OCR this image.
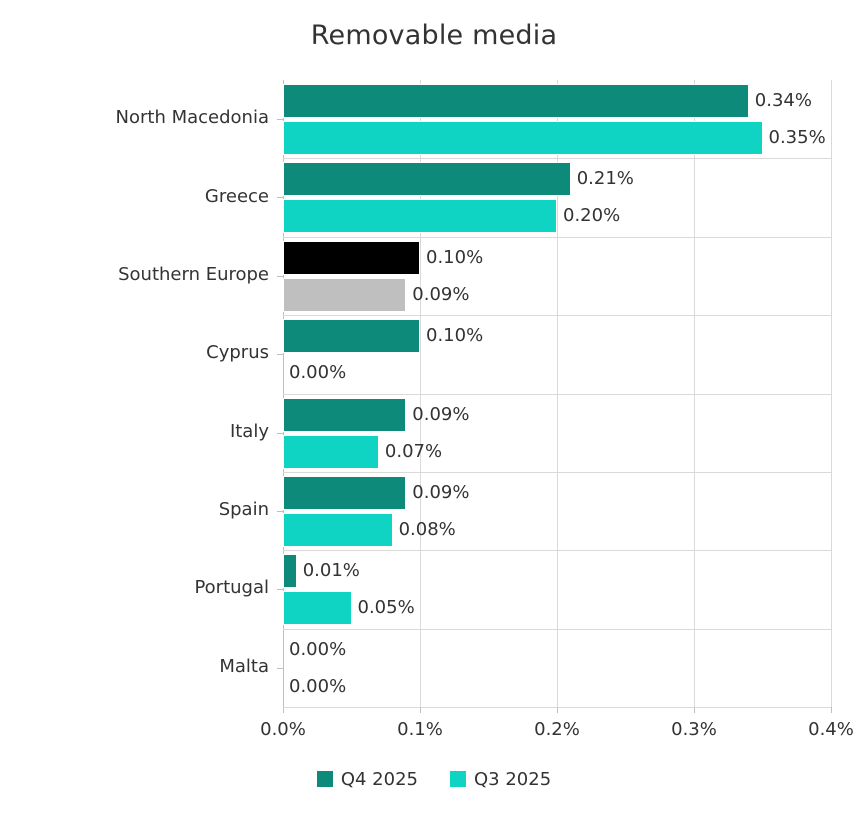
Removable media
0.34%
0.35%
0.21%
0.20%
0.10%
0.09%
0.10%
0.00%
0.09%
0.07%
0.09%
0.08%
0.01%
0.05%
0.00%
0.00%
North Macedonia
Greece
Southern Europe
Cyprus
Italy
Spain
Portugal
Malta
0.0%	0.1%	0.2%	0.3%	0.4%
Q4 2025	Q3 2025
